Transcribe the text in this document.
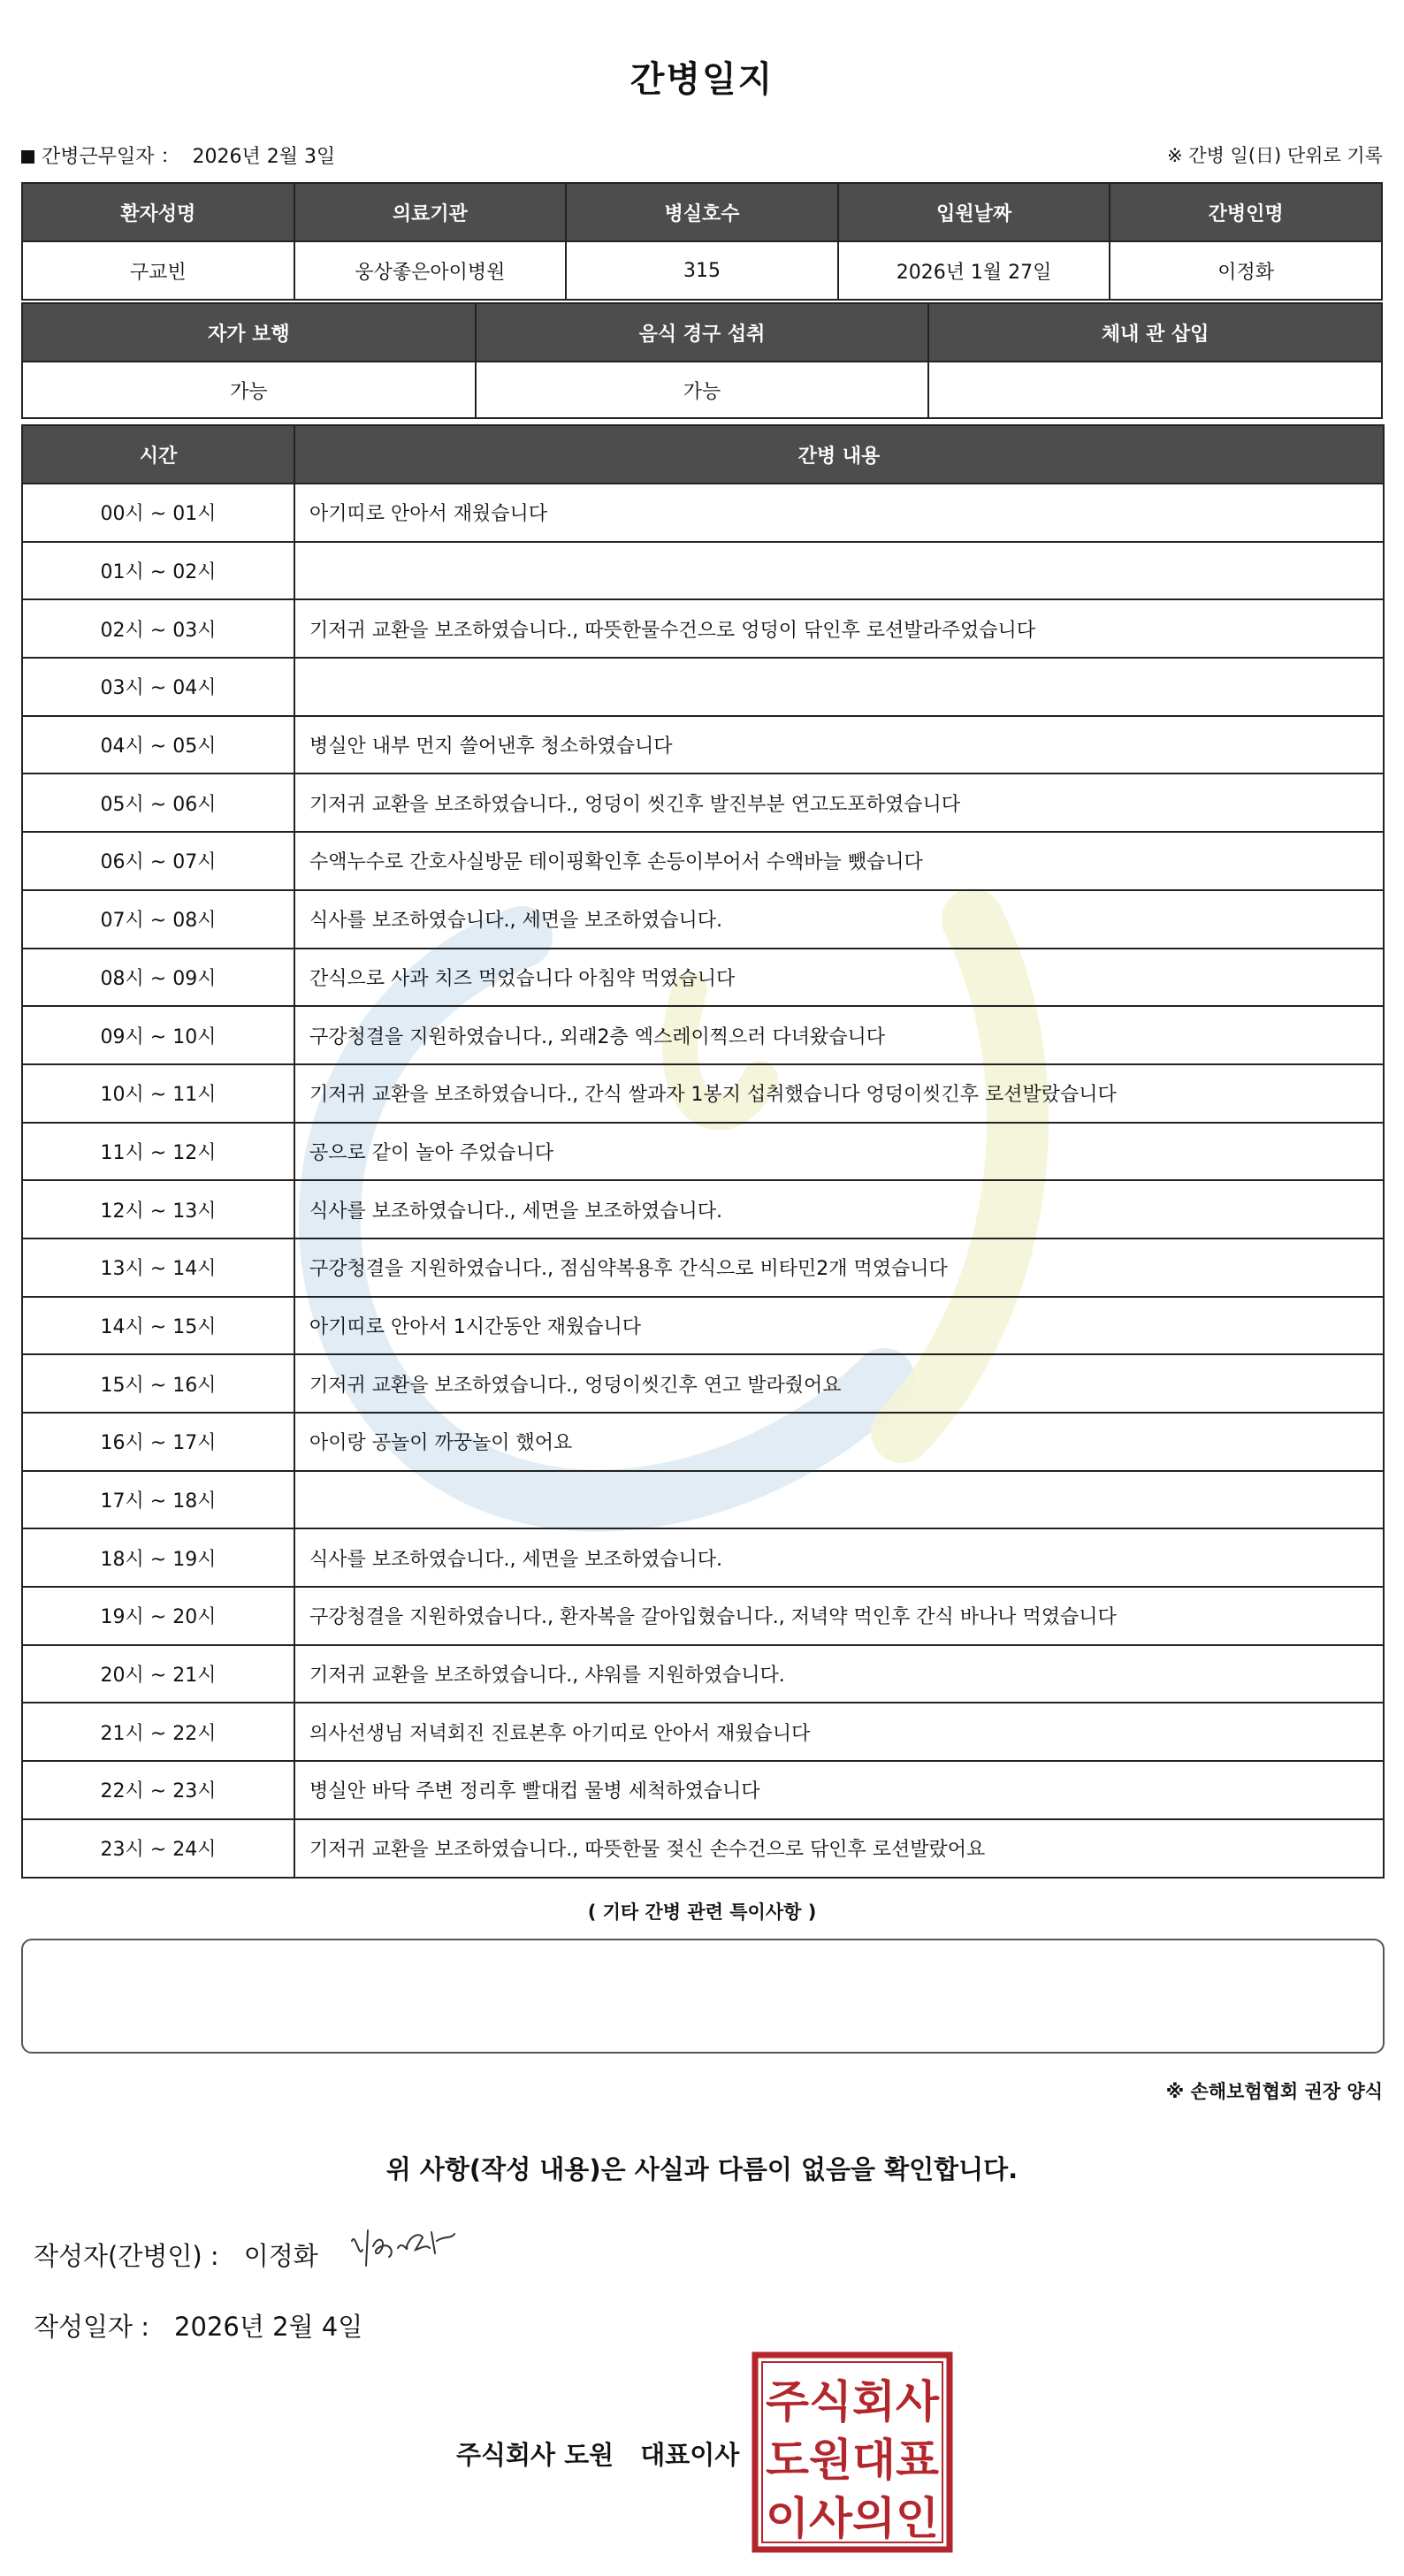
간병일지
간병근무일자 ： 2026년 2월 3일	※ 간병 일(日) 단위로 기록
환자성명	의료기관	병실호수	입원날짜	간병인명
구교빈	웅상좋은아이병원	315	2026년 1월 27일	이정화
자가 보행	음식 경구 섭취	체내 관 삽입
가능	가능	
시간	간병 내용
00시 ~ 01시	아기띠로 안아서 재웠습니다
01시 ~ 02시	
02시 ~ 03시	기저귀 교환을 보조하였습니다., 따뜻한물수건으로 엉덩이 닦인후 로션발라주었습니다
03시 ~ 04시	
04시 ~ 05시	병실안 내부 먼지 쓸어낸후 청소하였습니다
05시 ~ 06시	기저귀 교환을 보조하였습니다., 엉덩이 씻긴후 발진부분 연고도포하였습니다
06시 ~ 07시	수액누수로 간호사실방문 테이핑확인후 손등이부어서 수액바늘 뺐습니다
07시 ~ 08시	식사를 보조하였습니다., 세면을 보조하였습니다.
08시 ~ 09시	간식으로 사과 치즈 먹었습니다 아침약 먹였습니다
09시 ~ 10시	구강청결을 지원하였습니다., 외래2층 엑스레이찍으러 다녀왔습니다
10시 ~ 11시	기저귀 교환을 보조하였습니다., 간식 쌀과자 1봉지 섭취했습니다 엉덩이씻긴후 로션발랐습니다
11시 ~ 12시	공으로 같이 놀아 주었습니다
12시 ~ 13시	식사를 보조하였습니다., 세면을 보조하였습니다.
13시 ~ 14시	구강청결을 지원하였습니다., 점심약복용후 간식으로 비타민2개 먹였습니다
14시 ~ 15시	아기띠로 안아서 1시간동안 재웠습니다
15시 ~ 16시	기저귀 교환을 보조하였습니다., 엉덩이씻긴후 연고 발라줬어요
16시 ~ 17시	아이랑 공놀이 까꿍놀이 했어요
17시 ~ 18시	
18시 ~ 19시	식사를 보조하였습니다., 세면을 보조하였습니다.
19시 ~ 20시	구강청결을 지원하였습니다., 환자복을 갈아입혔습니다., 저녁약 먹인후 간식 바나나 먹였습니다
20시 ~ 21시	기저귀 교환을 보조하였습니다., 샤워를 지원하였습니다.
21시 ~ 22시	의사선생님 저녁회진 진료본후 아기띠로 안아서 재웠습니다
22시 ~ 23시	병실안 바닥 주변 정리후 빨대컵 물병 세척하였습니다
23시 ~ 24시	기저귀 교환을 보조하였습니다., 따뜻한물 젖신 손수건으로 닦인후 로션발랐어요
( 기타 간병 관련 특이사항 )
※ 손해보험협회 권장 양식
위 사항(작성 내용)은 사실과 다름이 없음을 확인합니다.
작성자(간병인) : 이정화
작성일자 : 2026년 2월 4일
주식회사 도원 대표이사
주식회사
도원대표
이사의인
